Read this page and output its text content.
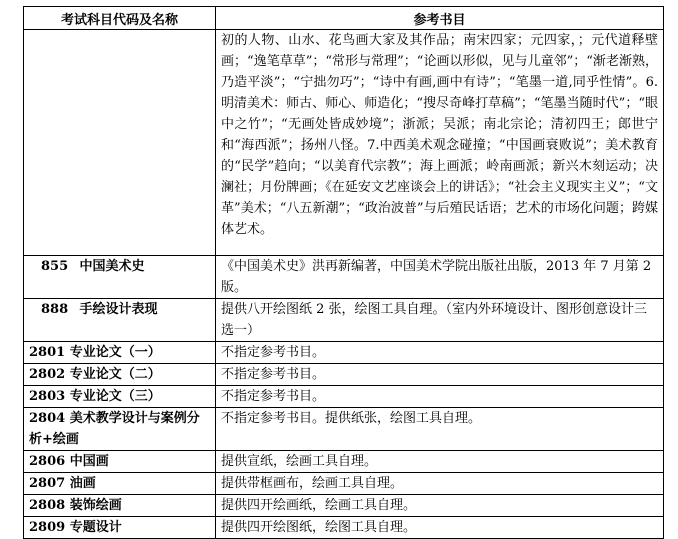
考试科目代码及名称	参考书目
	初的人物、山水、花鸟画大家及其作品；南宋四家；元四家，；元代道释壁画；“逸笔草草”；“常形与常理”；“论画以形似，见与儿童邻”；“渐老渐熟，乃造平淡”；“宁拙勿巧”；“诗中有画,画中有诗”；“笔墨一道,同乎性情”。6.明清美术：师古、师心、师造化；“搜尽奇峰打草稿”；“笔墨当随时代”；“眼中之竹”；“无画处皆成妙境”；浙派；吴派；南北宗论；清初四王；郎世宁和“海西派”；扬州八怪。7.中西美术观念碰撞；“中国画衰败说”；美术教育的“民学”趋向；“以美育代宗教”；海上画派；岭南画派；新兴木刻运动；决澜社；月份牌画；《在延安文艺座谈会上的讲话》；“社会主义现实主义”；“文革”美术；“八五新潮”；“政治波普”与后殖民话语；艺术的市场化问题；跨媒体艺术。
855 中国美术史	《中国美术史》洪再新编著，中国美术学院出版社出版，2013 年 7 月第 2 版。
888 手绘设计表现	提供八开绘图纸 2 张，绘图工具自理。（室内外环境设计、图形创意设计三选一）
2801 专业论文（一）	不指定参考书目。
2802 专业论文（二）	不指定参考书目。
2803 专业论文（三）	不指定参考书目。
2804 美术教学设计与案例分析+绘画	不指定参考书目。提供纸张，绘图工具自理。
2806 中国画	提供宣纸，绘画工具自理。
2807 油画	提供带框画布，绘画工具自理。
2808 装饰绘画	提供四开绘画纸，绘画工具自理。
2809 专题设计	提供四开绘图纸，绘图工具自理。
